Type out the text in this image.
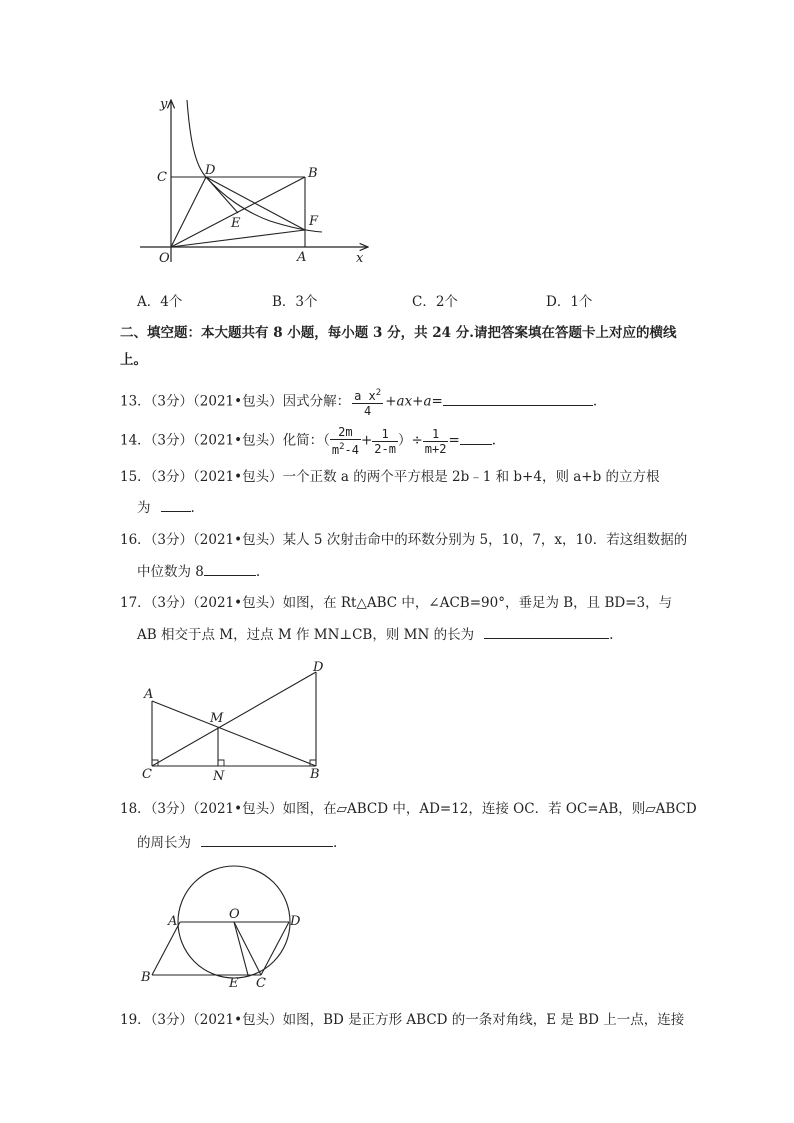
y
x
O	A
B
C	D
E	F
A．4个	B．3个	C．2个	D．1个
二、填空题：本大题共有 8 小题，每小题 3 分，共 24 分.请把答案填在答题卡上对应的横线
上。
13．（3分）（2021•包头）因式分解： $\frac{a x^2}{4} +ax+a=$	.
14．（3分）（2021•包头）化简：（ $\frac{2m}{m^2-4} + \frac{1}{2-m}$ ）÷ $\frac{1}{m+2}$ = .
15．（3分）（2021•包头）一个正数 a 的两个平方根是 2b﹣1 和 b+4，则 a+b 的立方根
为	.
16．（3分）（2021•包头）某人 5 次射击命中的环数分别为 5，10，7，x，10．若这组数据的
中位数为 8	.
17．（3分）（2021•包头）如图，在 Rt△ABC 中，∠ACB=90°，垂足为 B，且 BD=3，与
AB 相交于点 M，过点 M 作 MN⊥CB，则 MN 的长为	.
A
D
M
C	N	B
18．（3分）（2021•包头）如图，在▱ABCD 中，AD=12，连接 OC．若 OC=AB，则▱ABCD
的周长为	.
A	O	D
B	E C
19．（3分）（2021•包头）如图，BD 是正方形 ABCD 的一条对角线，E 是 BD 上一点，连接
